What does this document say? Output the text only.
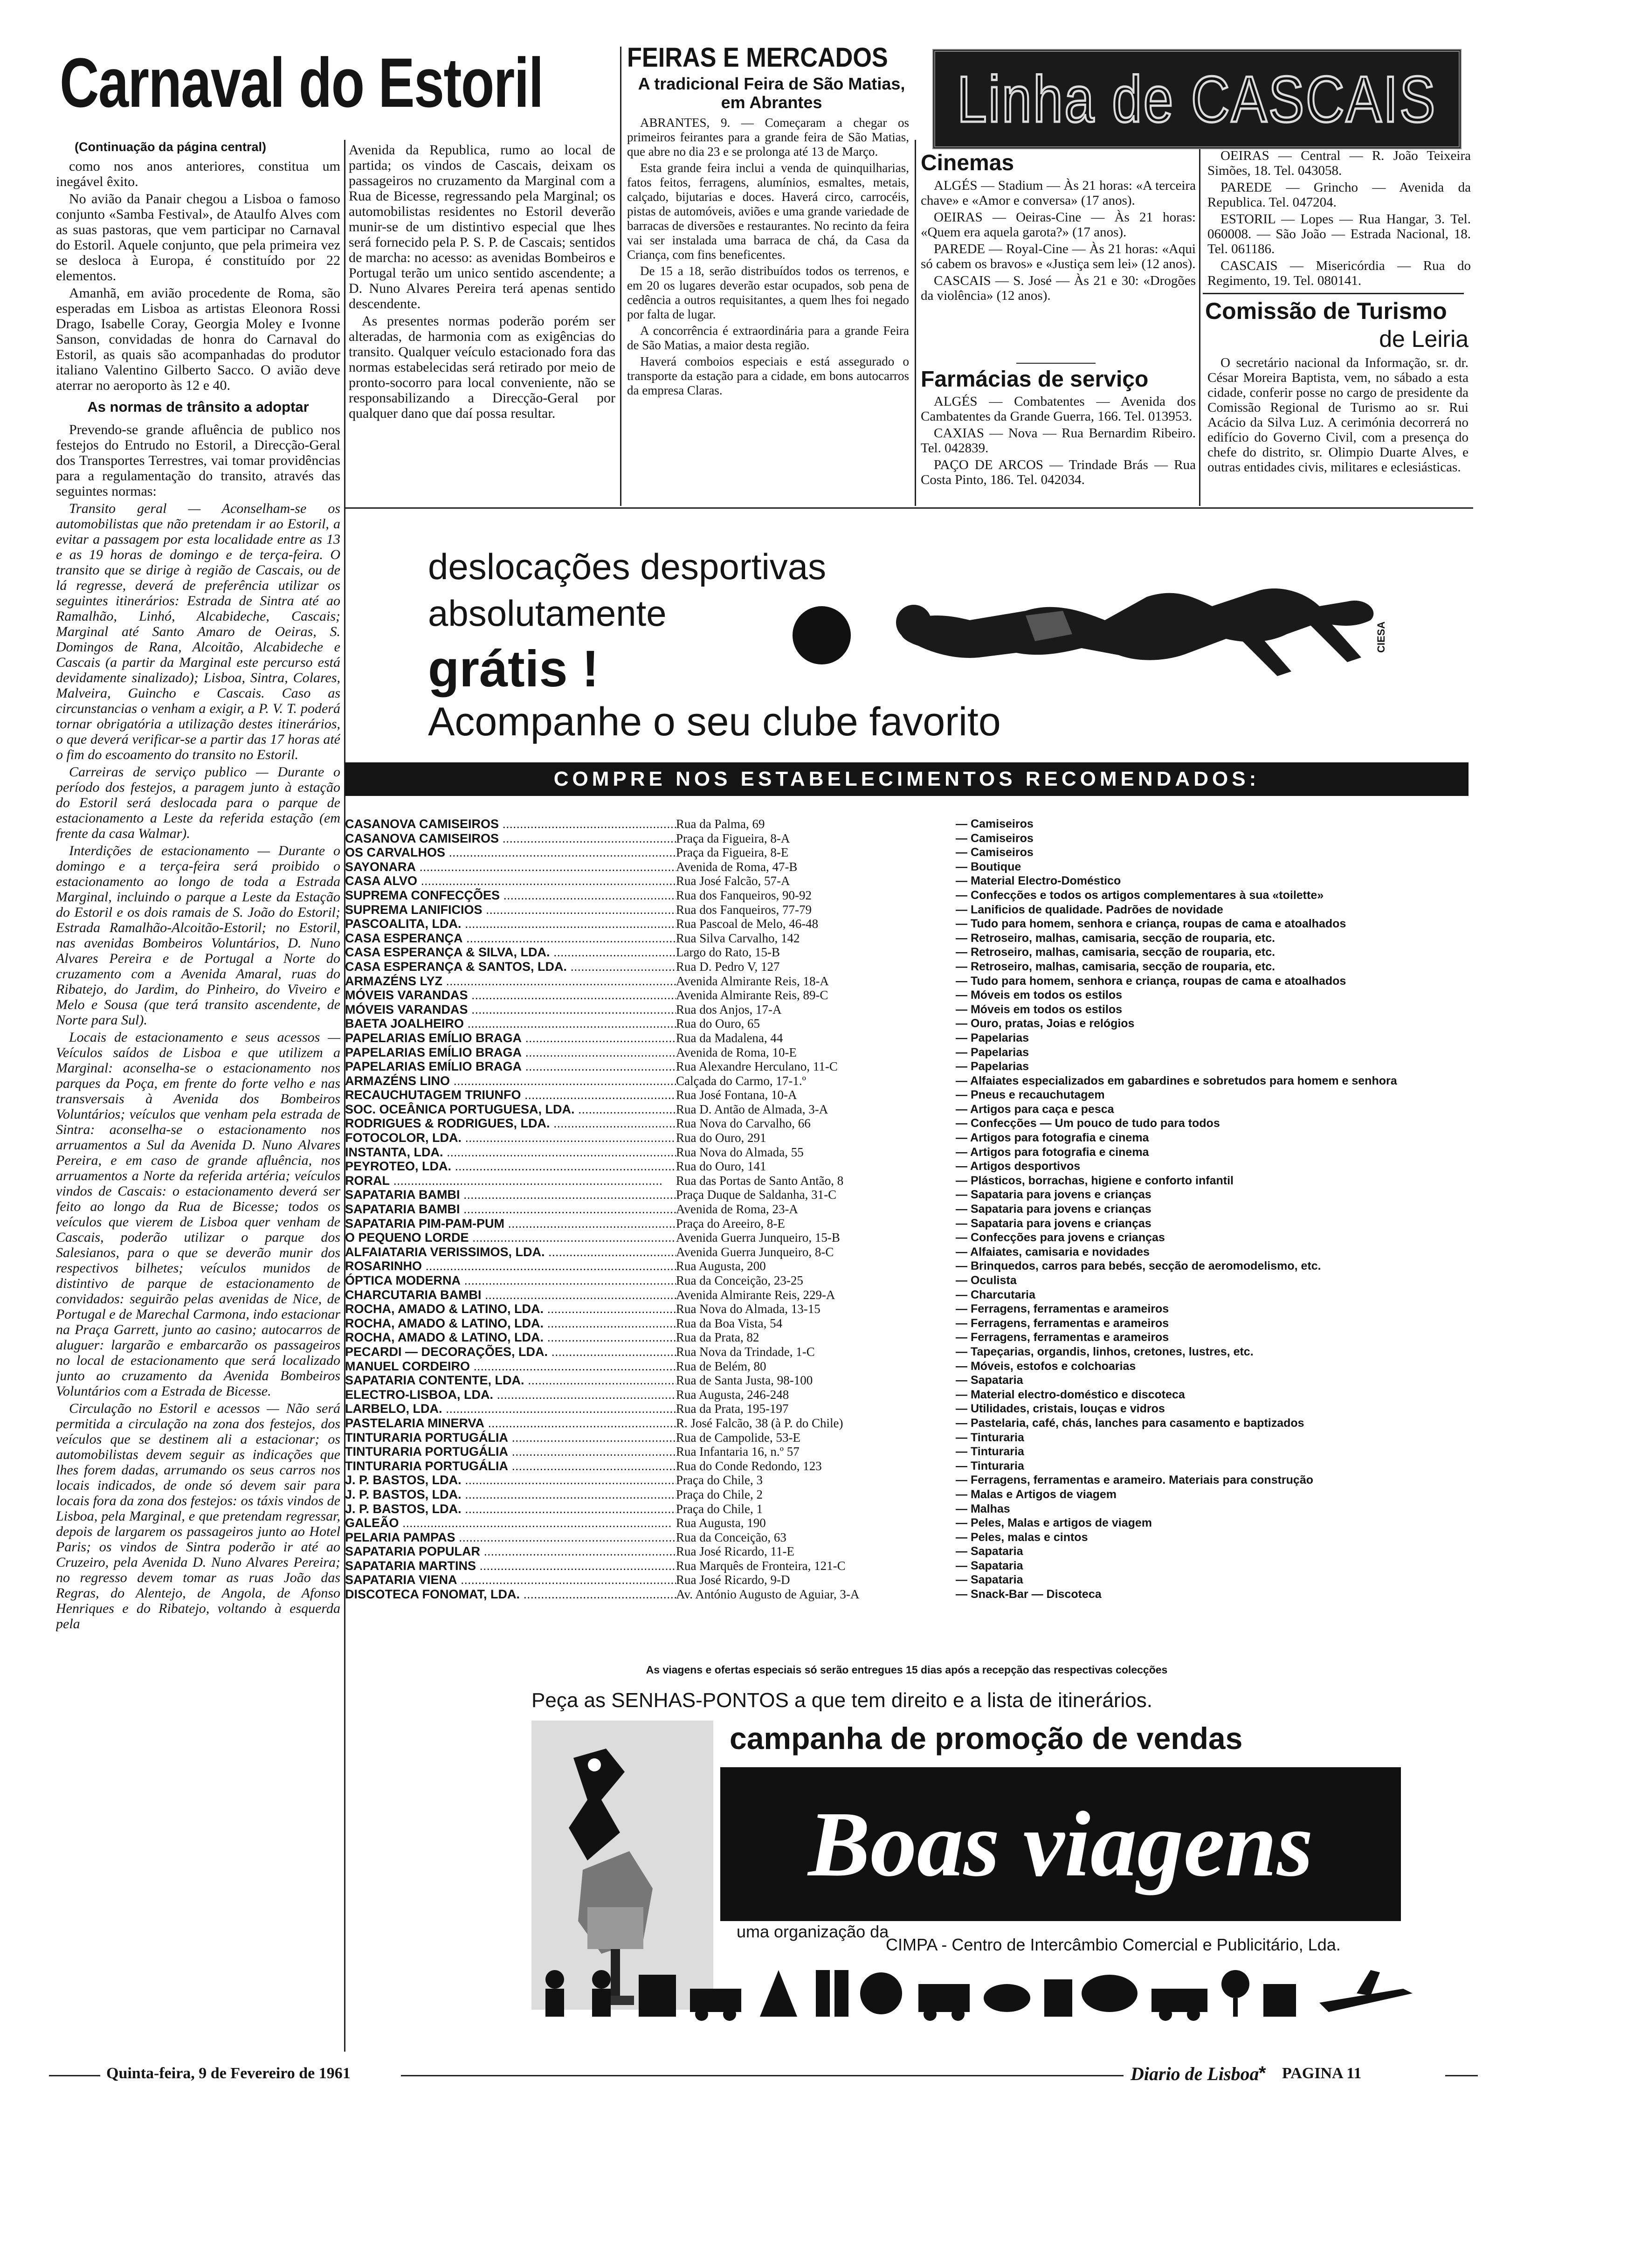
Carnaval do Estoril
(Continuação da página central)

como nos anos anteriores, constitua um inegável êxito.

No avião da Panair chegou a Lisboa o famoso conjunto «Samba Festival», de Ataulfo Alves com as suas pastoras, que vem participar no Carnaval do Estoril. Aquele conjunto, que pela primeira vez se desloca à Europa, é constituído por 22 elementos.

Amanhã, em avião procedente de Roma, são esperadas em Lisboa as artistas Eleonora Rossi Drago, Isabelle Coray, Georgia Moley e Ivonne Sanson, convidadas de honra do Carnaval do Estoril, as quais são acompanhadas do produtor italiano Valentino Gilberto Sacco. O avião deve aterrar no aeroporto às 12 e 40.

As normas de trânsito a adoptar

Prevendo-se grande afluência de publico nos festejos do Entrudo no Estoril, a Direcção-Geral dos Transportes Terrestres, vai tomar providências para a regulamentação do transito, através das seguintes normas:

Transito geral — Aconselham-se os automobilistas que não pretendam ir ao Estoril, a evitar a passagem por esta localidade entre as 13 e as 19 horas de domingo e de terça-feira. O transito que se dirige à região de Cascais, ou de lá regresse, deverá de preferência utilizar os seguintes itinerários: Estrada de Sintra até ao Ramalhão, Linhó, Alcabideche, Cascais; Marginal até Santo Amaro de Oeiras, S. Domingos de Rana, Alcoitão, Alcabideche e Cascais (a partir da Marginal este percurso está devidamente sinalizado); Lisboa, Sintra, Colares, Malveira, Guincho e Cascais. Caso as circunstancias o venham a exigir, a P. V. T. poderá tornar obrigatória a utilização destes itinerários, o que deverá verificar-se a partir das 17 horas até o fim do escoamento do transito no Estoril.

Carreiras de serviço publico — Durante o período dos festejos, a paragem junto à estação do Estoril será deslocada para o parque de estacionamento a Leste da referida estação (em frente da casa Walmar).

Interdições de estacionamento — Durante o domingo e a terça-feira será proibido o estacionamento ao longo de toda a Estrada Marginal, incluindo o parque a Leste da Estação do Estoril e os dois ramais de S. João do Estoril; Estrada Ramalhão-Alcoitão-Estoril; no Estoril, nas avenidas Bombeiros Voluntários, D. Nuno Alvares Pereira e de Portugal a Norte do cruzamento com a Avenida Amaral, ruas do Ribatejo, do Jardim, do Pinheiro, do Viveiro e Melo e Sousa (que terá transito ascendente, de Norte para Sul).

Locais de estacionamento e seus acessos — Veículos saídos de Lisboa e que utilizem a Marginal: aconselha-se o estacionamento nos parques da Poça, em frente do forte velho e nas transversais à Avenida dos Bombeiros Voluntários; veículos que venham pela estrada de Sintra: aconselha-se o estacionamento nos arruamentos a Sul da Avenida D. Nuno Alvares Pereira, e em caso de grande afluência, nos arruamentos a Norte da referida artéria; veículos vindos de Cascais: o estacionamento deverá ser feito ao longo da Rua de Bicesse; todos os veículos que vierem de Lisboa quer venham de Cascais, poderão utilizar o parque dos Salesianos, para o que se deverão munir dos respectivos bilhetes; veículos munidos de distintivo de parque de estacionamento de convidados: seguirão pelas avenidas de Nice, de Portugal e de Marechal Carmona, indo estacionar na Praça Garrett, junto ao casino; autocarros de aluguer: largarão e embarcarão os passageiros no local de estacionamento que será localizado junto ao cruzamento da Avenida Bombeiros Voluntários com a Estrada de Bicesse.

Circulação no Estoril e acessos — Não será permitida a circulação na zona dos festejos, dos veículos que se destinem ali a estacionar; os automobilistas devem seguir as indicações que lhes forem dadas, arrumando os seus carros nos locais indicados, de onde só devem sair para locais fora da zona dos festejos: os táxis vindos de Lisboa, pela Marginal, e que pretendam regressar, depois de largarem os passageiros junto ao Hotel Paris; os vindos de Sintra poderão ir até ao Cruzeiro, pela Avenida D. Nuno Alvares Pereira; no regresso devem tomar as ruas João das Regras, do Alentejo, de Angola, de Afonso Henriques e do Ribatejo, voltando à esquerda pela

Avenida da Republica, rumo ao local de partida; os vindos de Cascais, deixam os passageiros no cruzamento da Marginal com a Rua de Bicesse, regressando pela Marginal; os automobilistas residentes no Estoril deverão munir-se de um distintivo especial que lhes será fornecido pela P. S. P. de Cascais; sentidos de marcha: no acesso: as avenidas Bombeiros e Portugal terão um unico sentido ascendente; a D. Nuno Alvares Pereira terá apenas sentido descendente.

As presentes normas poderão porém ser alteradas, de harmonia com as exigências do transito. Qualquer veículo estacionado fora das normas estabelecidas será retirado por meio de pronto-socorro para local conveniente, não se responsabilizando a Direcção-Geral por qualquer dano que daí possa resultar.

FEIRAS E MERCADOS
A tradicional Feira de São Matias, em Abrantes

ABRANTES, 9. — Começaram a chegar os primeiros feirantes para a grande feira de São Matias, que abre no dia 23 e se prolonga até 13 de Março.

Esta grande feira inclui a venda de quinquilharias, fatos feitos, ferragens, alumínios, esmaltes, metais, calçado, bijutarias e doces. Haverá circo, carrocéis, pistas de automóveis, aviões e uma grande variedade de barracas de diversões e restaurantes. No recinto da feira vai ser instalada uma barraca de chá, da Casa da Criança, com fins beneficentes.

De 15 a 18, serão distribuídos todos os terrenos, e em 20 os lugares deverão estar ocupados, sob pena de cedência a outros requisitantes, a quem lhes foi negado por falta de lugar.

A concorrência é extraordinária para a grande Feira de São Matias, a maior desta região.

Haverá comboios especiais e está assegurado o transporte da estação para a cidade, em bons autocarros da empresa Claras.

Linha de CASCAIS
Cinemas

ALGÉS — Stadium — Às 21 horas: «A terceira chave» e «Amor e conversa» (17 anos).

OEIRAS — Oeiras-Cine — Às 21 horas: «Quem era aquela garota?» (17 anos).

PAREDE — Royal-Cine — Às 21 horas: «Aqui só cabem os bravos» e «Justiça sem lei» (12 anos).

CASCAIS — S. José — Às 21 e 30: «Drogões da violência» (12 anos).

Farmácias de serviço

ALGÉS — Combatentes — Avenida dos Cambatentes da Grande Guerra, 166. Tel. 013953.

CAXIAS — Nova — Rua Bernardim Ribeiro. Tel. 042839.

PAÇO DE ARCOS — Trindade Brás — Rua Costa Pinto, 186. Tel. 042034.

OEIRAS — Central — R. João Teixeira Simões, 18. Tel. 043058.

PAREDE — Grincho — Avenida da Republica. Tel. 047204.

ESTORIL — Lopes — Rua Hangar, 3. Tel. 060008. — São João — Estrada Nacional, 18. Tel. 061186.

CASCAIS — Misericórdia — Rua do Regimento, 19. Tel. 080141.

Comissão de Turismo
de Leiria

O secretário nacional da Informação, sr. dr. César Moreira Baptista, vem, no sábado a esta cidade, conferir posse no cargo de presidente da Comissão Regional de Turismo ao sr. Rui Acácio da Silva Luz. A cerimónia decorrerá no edifício do Governo Civil, com a presença do chefe do distrito, sr. Olimpio Duarte Alves, e outras entidades civis, militares e eclesiásticas.

deslocações desportivas
absolutamente
grátis !
Acompanhe o seu clube favorito
CIESA
COMPRE NOS ESTABELECIMENTOS RECOMENDADOS:
CASANOVA CAMISEIROS .....	Rua da Palma, 69	— Camiseiros
CASANOVA CAMISEIROS .....	Praça da Figueira, 8-A	— Camiseiros
OS CARVALHOS .....	Praça da Figueira, 8-E	— Camiseiros
SAYONARA .....	Avenida de Roma, 47-B	— Boutique
CASA ALVO .....	Rua José Falcão, 57-A	— Material Electro-Doméstico
SUPREMA CONFECÇÕES .....	Rua dos Fanqueiros, 90-92	— Confecções e todos os artigos complementares à sua «toilette»
SUPREMA LANIFICIOS .....	Rua dos Fanqueiros, 77-79	— Lanificios de qualidade. Padrões de novidade
PASCOALITA, LDA. .....	Rua Pascoal de Melo, 46-48	— Tudo para homem, senhora e criança, roupas de cama e atoalhados
CASA ESPERANÇA .....	Rua Silva Carvalho, 142	— Retroseiro, malhas, camisaria, secção de rouparia, etc.
CASA ESPERANÇA & SILVA, LDA. .....	Largo do Rato, 15-B	— Retroseiro, malhas, camisaria, secção de rouparia, etc.
CASA ESPERANÇA & SANTOS, LDA. .....	Rua D. Pedro V, 127	— Retroseiro, malhas, camisaria, secção de rouparia, etc.
ARMAZÉNS LYZ .....	Avenida Almirante Reis, 18-A	— Tudo para homem, senhora e criança, roupas de cama e atoalhados
MÓVEIS VARANDAS .....	Avenida Almirante Reis, 89-C	— Móveis em todos os estilos
MÓVEIS VARANDAS .....	Rua dos Anjos, 17-A	— Móveis em todos os estilos
BAETA JOALHEIRO .....	Rua do Ouro, 65	— Ouro, pratas, Joias e relógios
PAPELARIAS EMÍLIO BRAGA .....	Rua da Madalena, 44	— Papelarias
PAPELARIAS EMÍLIO BRAGA .....	Avenida de Roma, 10-E	— Papelarias
PAPELARIAS EMÍLIO BRAGA .....	Rua Alexandre Herculano, 11-C	— Papelarias
ARMAZÉNS LINO .....	Calçada do Carmo, 17-1.º	— Alfaiates especializados em gabardines e sobretudos para homem e senhora
RECAUCHUTAGEM TRIUNFO .....	Rua José Fontana, 10-A	— Pneus e recauchutagem
SOC. OCEÂNICA PORTUGUESA, LDA. .....	Rua D. Antão de Almada, 3-A	— Artigos para caça e pesca
RODRIGUES & RODRIGUES, LDA. .....	Rua Nova do Carvalho, 66	— Confecções — Um pouco de tudo para todos
FOTOCOLOR, LDA. .....	Rua do Ouro, 291	— Artigos para fotografia e cinema
INSTANTA, LDA. .....	Rua Nova do Almada, 55	— Artigos para fotografia e cinema
PEYROTEO, LDA. .....	Rua do Ouro, 141	— Artigos desportivos
RORAL .....	Rua das Portas de Santo Antão, 8	— Plásticos, borrachas, higiene e conforto infantil
SAPATARIA BAMBI .....	Praça Duque de Saldanha, 31-C	— Sapataria para jovens e crianças
SAPATARIA BAMBI .....	Avenida de Roma, 23-A	— Sapataria para jovens e crianças
SAPATARIA PIM-PAM-PUM .....	Praça do Areeiro, 8-E	— Sapataria para jovens e crianças
O PEQUENO LORDE .....	Avenida Guerra Junqueiro, 15-B	— Confecções para jovens e crianças
ALFAIATARIA VERISSIMOS, LDA. .....	Avenida Guerra Junqueiro, 8-C	— Alfaiates, camisaria e novidades
ROSARINHO .....	Rua Augusta, 200	— Brinquedos, carros para bebés, secção de aeromodelismo, etc.
ÓPTICA MODERNA .....	Rua da Conceição, 23-25	— Oculista
CHARCUTARIA BAMBI .....	Avenida Almirante Reis, 229-A	— Charcutaria
ROCHA, AMADO & LATINO, LDA. .....	Rua Nova do Almada, 13-15	— Ferragens, ferramentas e arameiros
ROCHA, AMADO & LATINO, LDA. .....	Rua da Boa Vista, 54	— Ferragens, ferramentas e arameiros
ROCHA, AMADO & LATINO, LDA. .....	Rua da Prata, 82	— Ferragens, ferramentas e arameiros
PECARDI — DECORAÇÕES, LDA. .....	Rua Nova da Trindade, 1-C	— Tapeçarias, organdis, linhos, cretones, lustres, etc.
MANUEL CORDEIRO .....	Rua de Belém, 80	— Móveis, estofos e colchoarias
SAPATARIA CONTENTE, LDA. .....	Rua de Santa Justa, 98-100	— Sapataria
ELECTRO-LISBOA, LDA. .....	Rua Augusta, 246-248	— Material electro-doméstico e discoteca
LARBELO, LDA. .....	Rua da Prata, 195-197	— Utilidades, cristais, louças e vidros
PASTELARIA MINERVA .....	R. José Falcão, 38 (à P. do Chile)	— Pastelaria, café, chás, lanches para casamento e baptizados
TINTURARIA PORTUGÁLIA .....	Rua de Campolide, 53-E	— Tinturaria
TINTURARIA PORTUGÁLIA .....	Rua Infantaria 16, n.º 57	— Tinturaria
TINTURARIA PORTUGÁLIA .....	Rua do Conde Redondo, 123	— Tinturaria
J. P. BASTOS, LDA. .....	Praça do Chile, 3	— Ferragens, ferramentas e arameiro. Materiais para construção
J. P. BASTOS, LDA. .....	Praça do Chile, 2	— Malas e Artigos de viagem
J. P. BASTOS, LDA. .....	Praça do Chile, 1	— Malhas
GALEÃO .....	Rua Augusta, 190	— Peles, Malas e artigos de viagem
PELARIA PAMPAS .....	Rua da Conceição, 63	— Peles, malas e cintos
SAPATARIA POPULAR .....	Rua José Ricardo, 11-E	— Sapataria
SAPATARIA MARTINS .....	Rua Marquês de Fronteira, 121-C	— Sapataria
SAPATARIA VIENA .....	Rua José Ricardo, 9-D	— Sapataria
DISCOTECA FONOMAT, LDA. .....	Av. António Augusto de Aguiar, 3-A	— Snack-Bar — Discoteca
As viagens e ofertas especiais só serão entregues 15 dias após a recepção das respectivas colecções
Peça as SENHAS-PONTOS a que tem direito e a lista de itinerários.
campanha de promoção de vendas
Boas viagens
uma organização da
CIMPA - Centro de Intercâmbio Comercial e Publicitário, Lda.
Quinta-feira, 9 de Fevereiro de 1961	Diario de Lisboa * PAGINA 11
